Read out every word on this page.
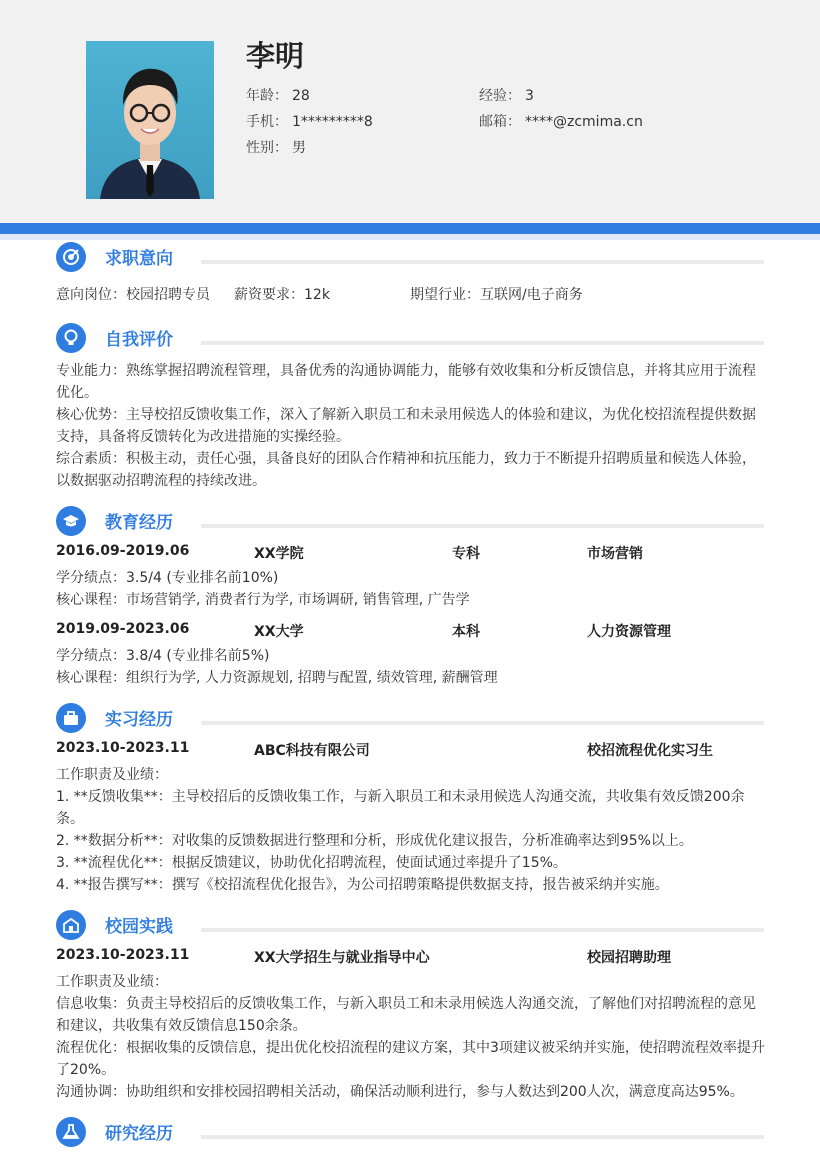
李明
年龄： 28	经验： 3
手机： 1*********8	邮箱： ****@zcmima.cn
性别： 男
求职意向
意向岗位：校园招聘专员 薪资要求：12k	期望行业：互联网/电子商务
自我评价
专业能力：熟练掌握招聘流程管理，具备优秀的沟通协调能力，能够有效收集和分析反馈信息，并将其应用于流程优化。
核心优势：主导校招反馈收集工作，深入了解新入职员工和未录用候选人的体验和建议，为优化校招流程提供数据支持，具备将反馈转化为改进措施的实操经验。
综合素质：积极主动，责任心强，具备良好的团队合作精神和抗压能力，致力于不断提升招聘质量和候选人体验，以数据驱动招聘流程的持续改进。
教育经历
2016.09-2019.06	XX学院	专科	市场营销
学分绩点：3.5/4 (专业排名前10%)
核心课程：市场营销学, 消费者行为学, 市场调研, 销售管理, 广告学
2019.09-2023.06	XX大学	本科	人力资源管理
学分绩点：3.8/4 (专业排名前5%)
核心课程：组织行为学, 人力资源规划, 招聘与配置, 绩效管理, 薪酬管理
实习经历
2023.10-2023.11	ABC科技有限公司	校招流程优化实习生
工作职责及业绩：
1. **反馈收集**：主导校招后的反馈收集工作，与新入职员工和未录用候选人沟通交流，共收集有效反馈200余条。
2. **数据分析**：对收集的反馈数据进行整理和分析，形成优化建议报告，分析准确率达到95%以上。
3. **流程优化**：根据反馈建议，协助优化招聘流程，使面试通过率提升了15%。
4. **报告撰写**：撰写《校招流程优化报告》，为公司招聘策略提供数据支持，报告被采纳并实施。
校园实践
2023.10-2023.11	XX大学招生与就业指导中心	校园招聘助理
工作职责及业绩：
信息收集：负责主导校招后的反馈收集工作，与新入职员工和未录用候选人沟通交流，了解他们对招聘流程的意见和建议，共收集有效反馈信息150余条。
流程优化：根据收集的反馈信息，提出优化校招流程的建议方案，其中3项建议被采纳并实施，使招聘流程效率提升了20%。
沟通协调：协助组织和安排校园招聘相关活动，确保活动顺利进行，参与人数达到200人次，满意度高达95%。
研究经历
